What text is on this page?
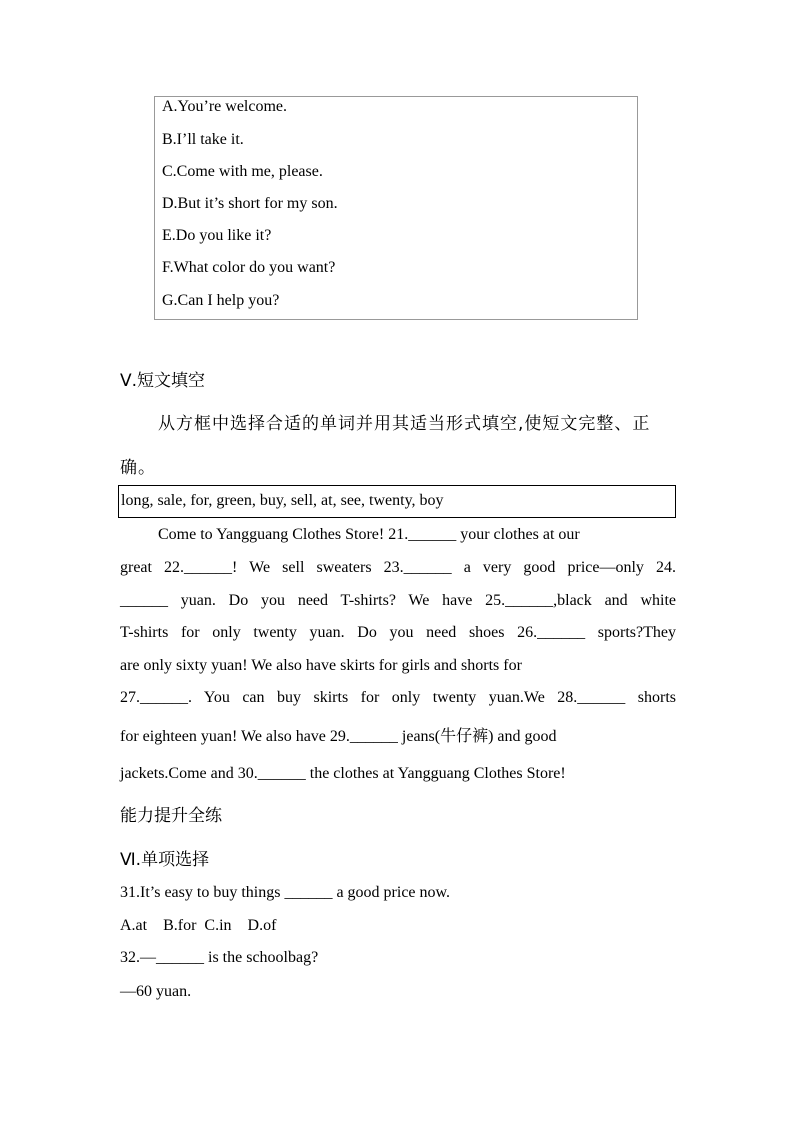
A.You’re welcome.
B.I’ll take it.
C.Come with me, please.
D.But it’s short for my son.
E.Do you like it?
F.What color do you want?
G.Can I help you?
Ⅴ.短文填空
从方框中选择合适的单词并用其适当形式填空,使短文完整、正
确。
long, sale, for, green, buy, sell, at, see, twenty, boy
Come to Yangguang Clothes Store! 21.______ your clothes at our
great 22.______! We sell sweaters 23.______ a very good price—only 24.
______ yuan. Do you need T-shirts? We have 25.______,black and white
T-shirts for only twenty yuan. Do you need shoes 26.______ sports?They
are only sixty yuan! We also have skirts for girls and shorts for
27.______. You can buy skirts for only twenty yuan.We 28.______ shorts
for eighteen yuan! We also have 29.______ jeans(牛仔裤) and good
jackets.Come and 30.______ the clothes at Yangguang Clothes Store!
能力提升全练
Ⅵ.单项选择
31.It’s easy to buy things ______ a good price now.
A.at    B.for  C.in    D.of
32.—______ is the schoolbag?
—60 yuan.
